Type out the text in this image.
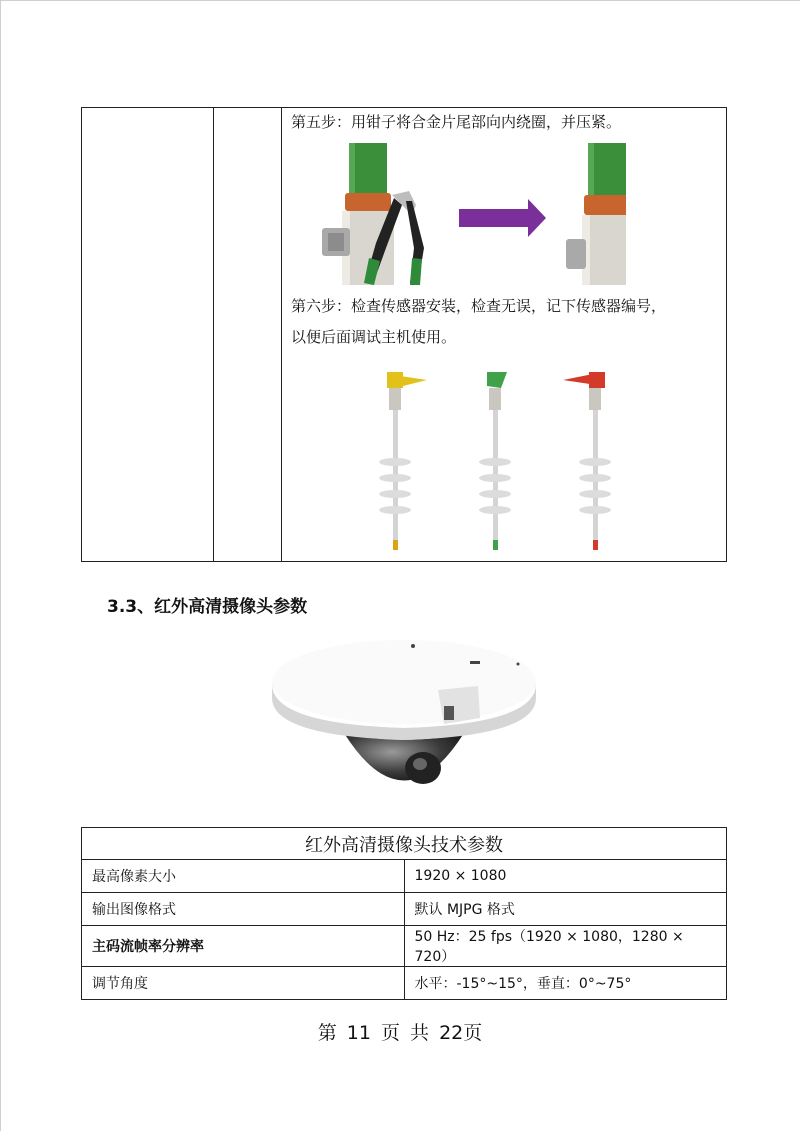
第五步：用钳子将合金片尾部向内绕圈，并压紧。
第六步：检查传感器安装，检查无误，记下传感器编号，
以便后面调试主机使用。
3.3、红外高清摄像头参数
红外高清摄像头技术参数	
最高像素大小	1920 × 1080
输出图像格式	默认 MJPG 格式
主码流帧率分辨率	50 Hz：25 fps（1920 × 1080，1280 × 720）
调节角度	水平：-15°~15°，垂直：0°~75°
第 11 页 共 22页
